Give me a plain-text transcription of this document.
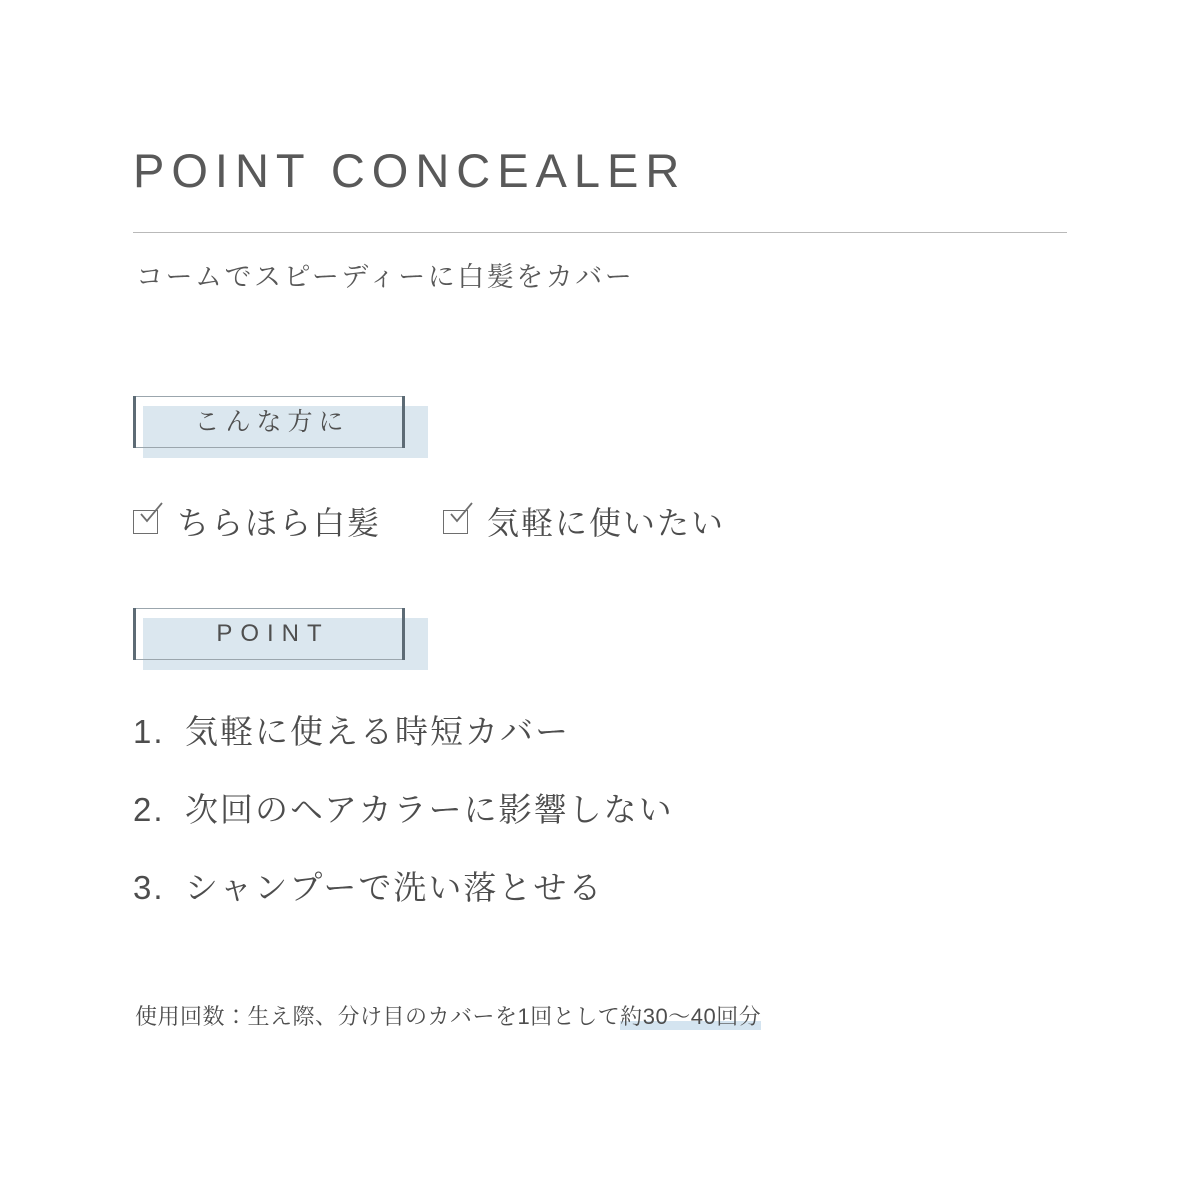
POINT CONCEALER
コームでスピーディーに白髪をカバー
こんな方に
ちらほら白髪	気軽に使いたい
POINT
1. 気軽に使える時短カバー
2. 次回のヘアカラーに影響しない
3. シャンプーで洗い落とせる
使用回数：生え際、分け目のカバーを1回として約30〜40回分
